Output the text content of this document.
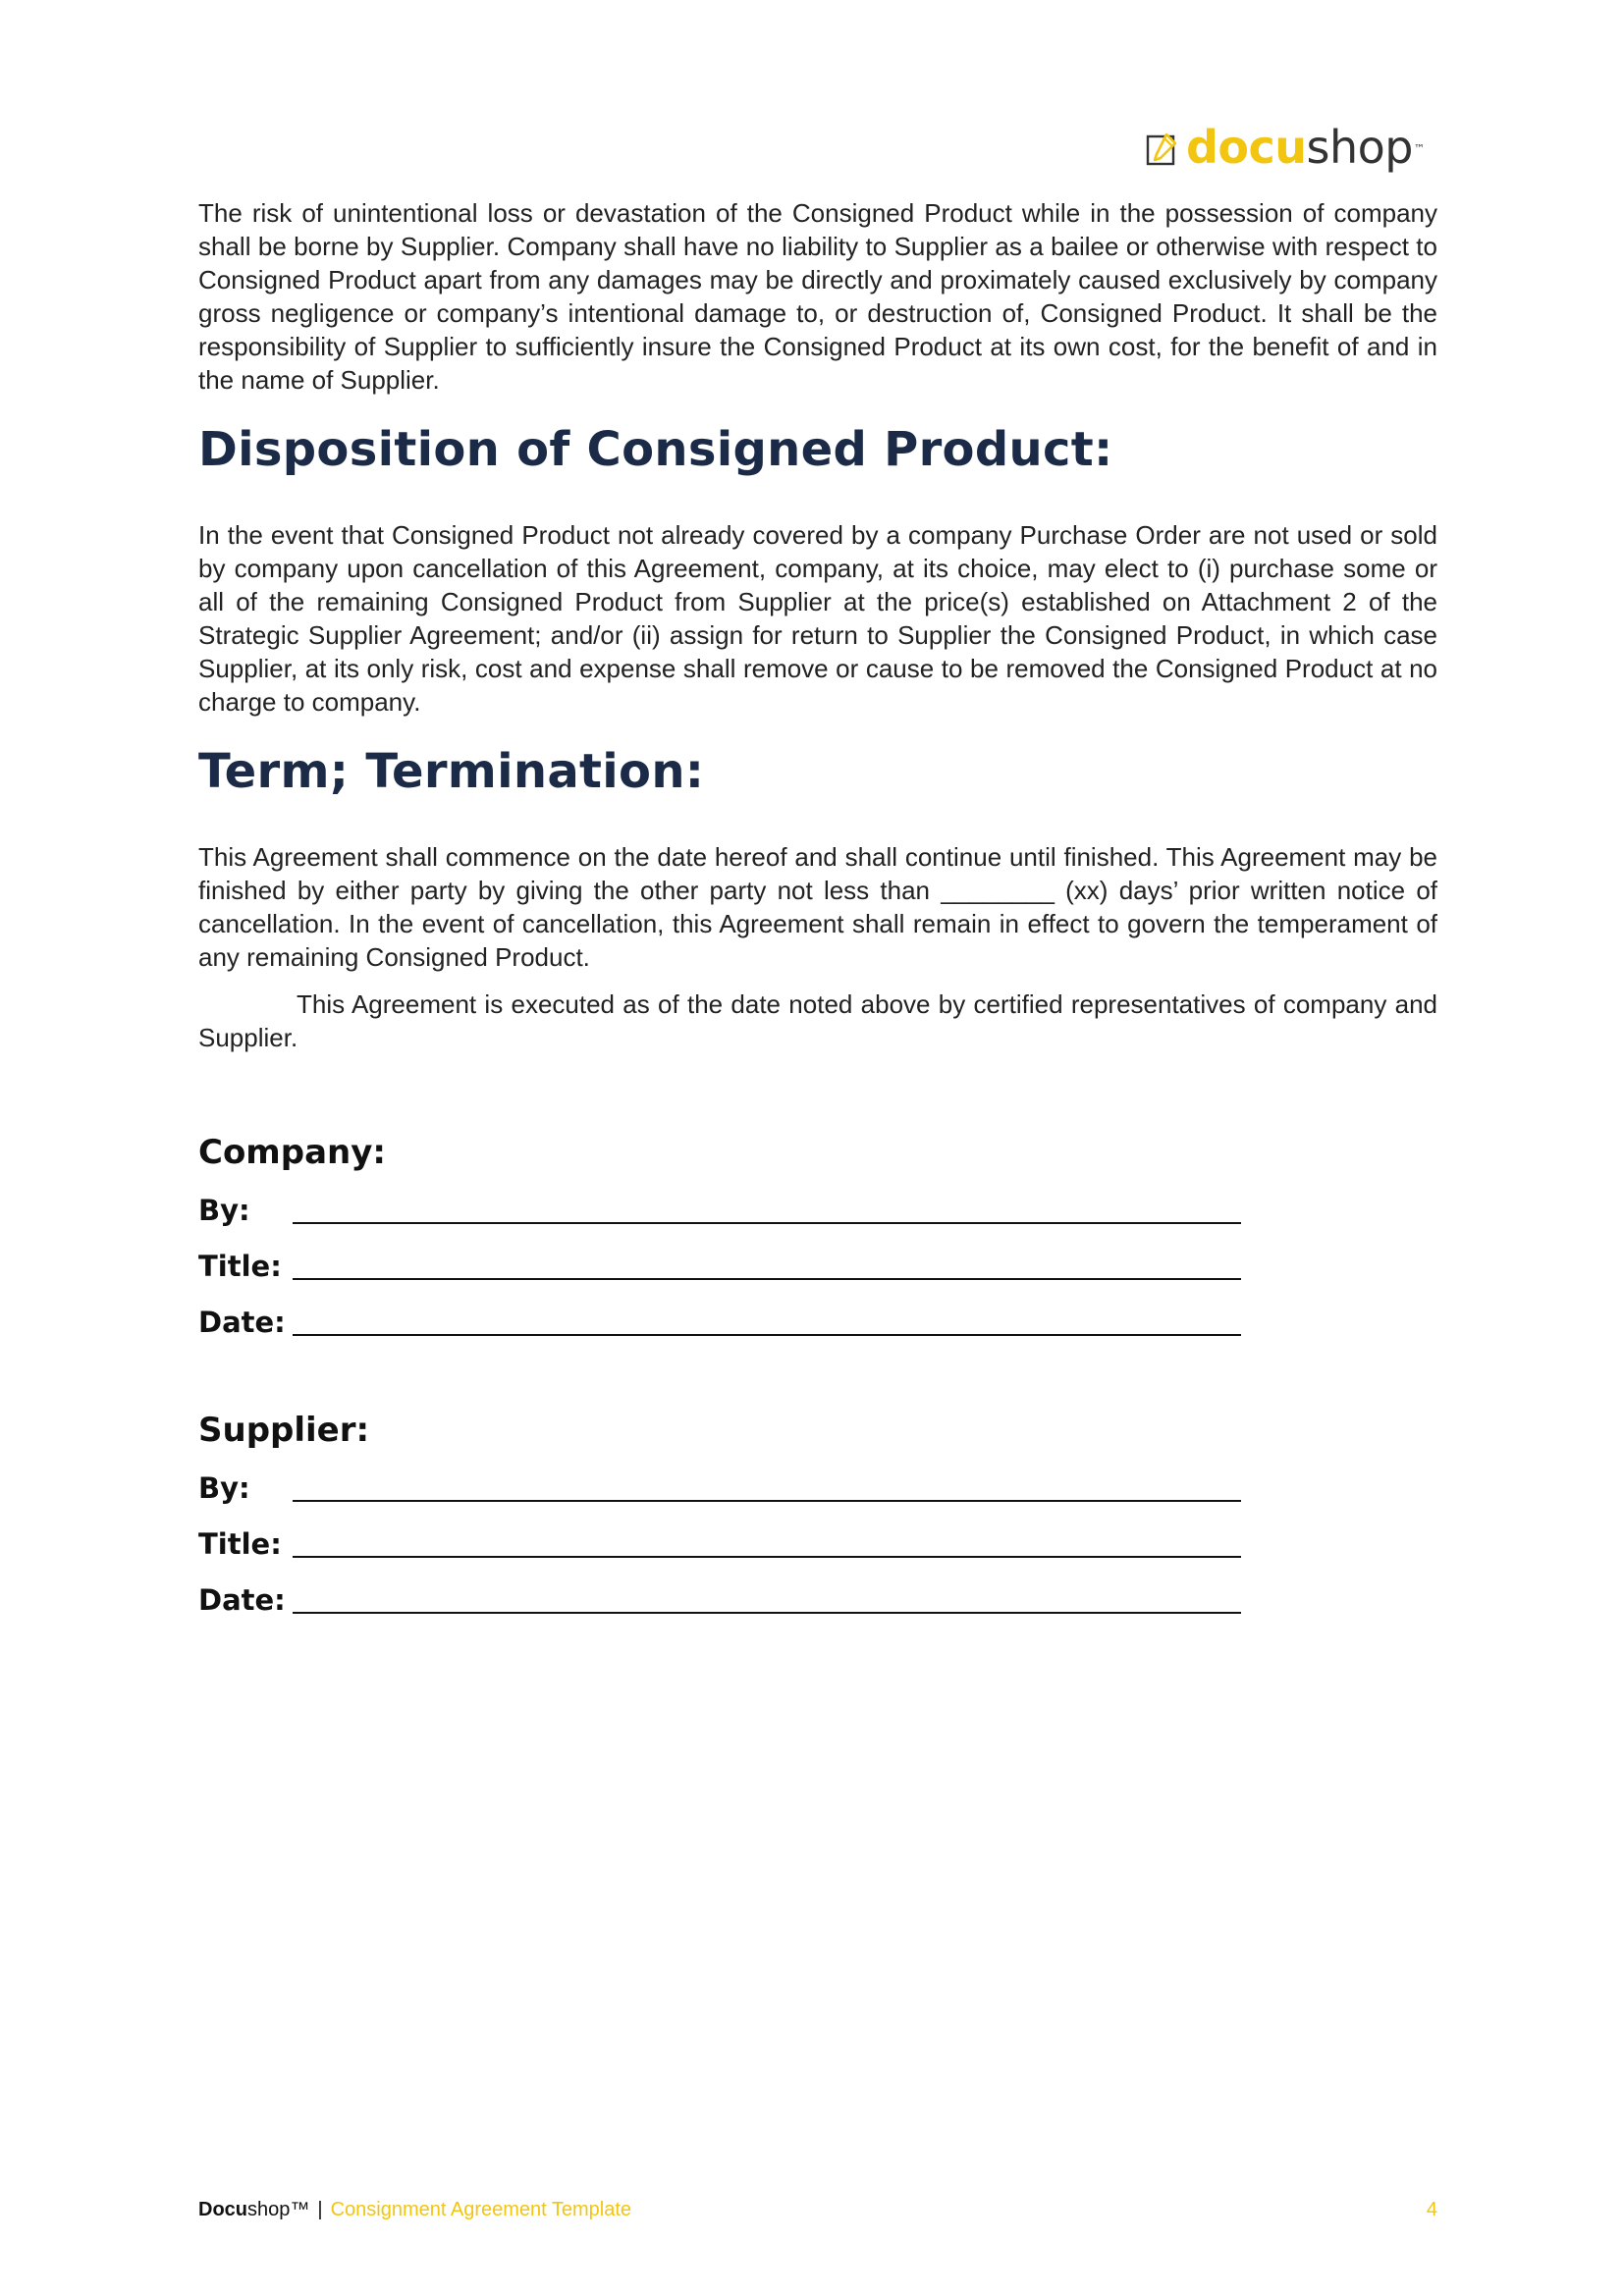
docushop ™

The risk of unintentional loss or devastation of the Consigned Product while in the possession of company shall be borne by Supplier. Company shall have no liability to Supplier as a bailee or otherwise with respect to Consigned Product apart from any damages may be directly and proximately caused exclusively by company gross negligence or company’s intentional damage to, or destruction of, Consigned Product. It shall be the responsibility of Supplier to sufficiently insure the Consigned Product at its own cost, for the benefit of and in the name of Supplier.

Disposition of Consigned Product:

In the event that Consigned Product not already covered by a company Purchase Order are not used or sold by company upon cancellation of this Agreement, company, at its choice, may elect to (i) purchase some or all of the remaining Consigned Product from Supplier at the price(s) established on Attachment 2 of the Strategic Supplier Agreement; and/or (ii) assign for return to Supplier the Consigned Product, in which case Supplier, at its only risk, cost and expense shall remove or cause to be removed the Consigned Product at no charge to company.

Term; Termination:

This Agreement shall commence on the date hereof and shall continue until finished. This Agreement may be finished by either party by giving the other party not less than ________ (xx) days’ prior written notice of cancellation. In the event of cancellation, this Agreement shall remain in effect to govern the temperament of any remaining Consigned Product.

This Agreement is executed as of the date noted above by certified representatives of company and Supplier.

Company:
By:
Title:
Date:
Supplier:
By:
Title:
Date:
Docu shop™ | Consignment Agreement Template	4
